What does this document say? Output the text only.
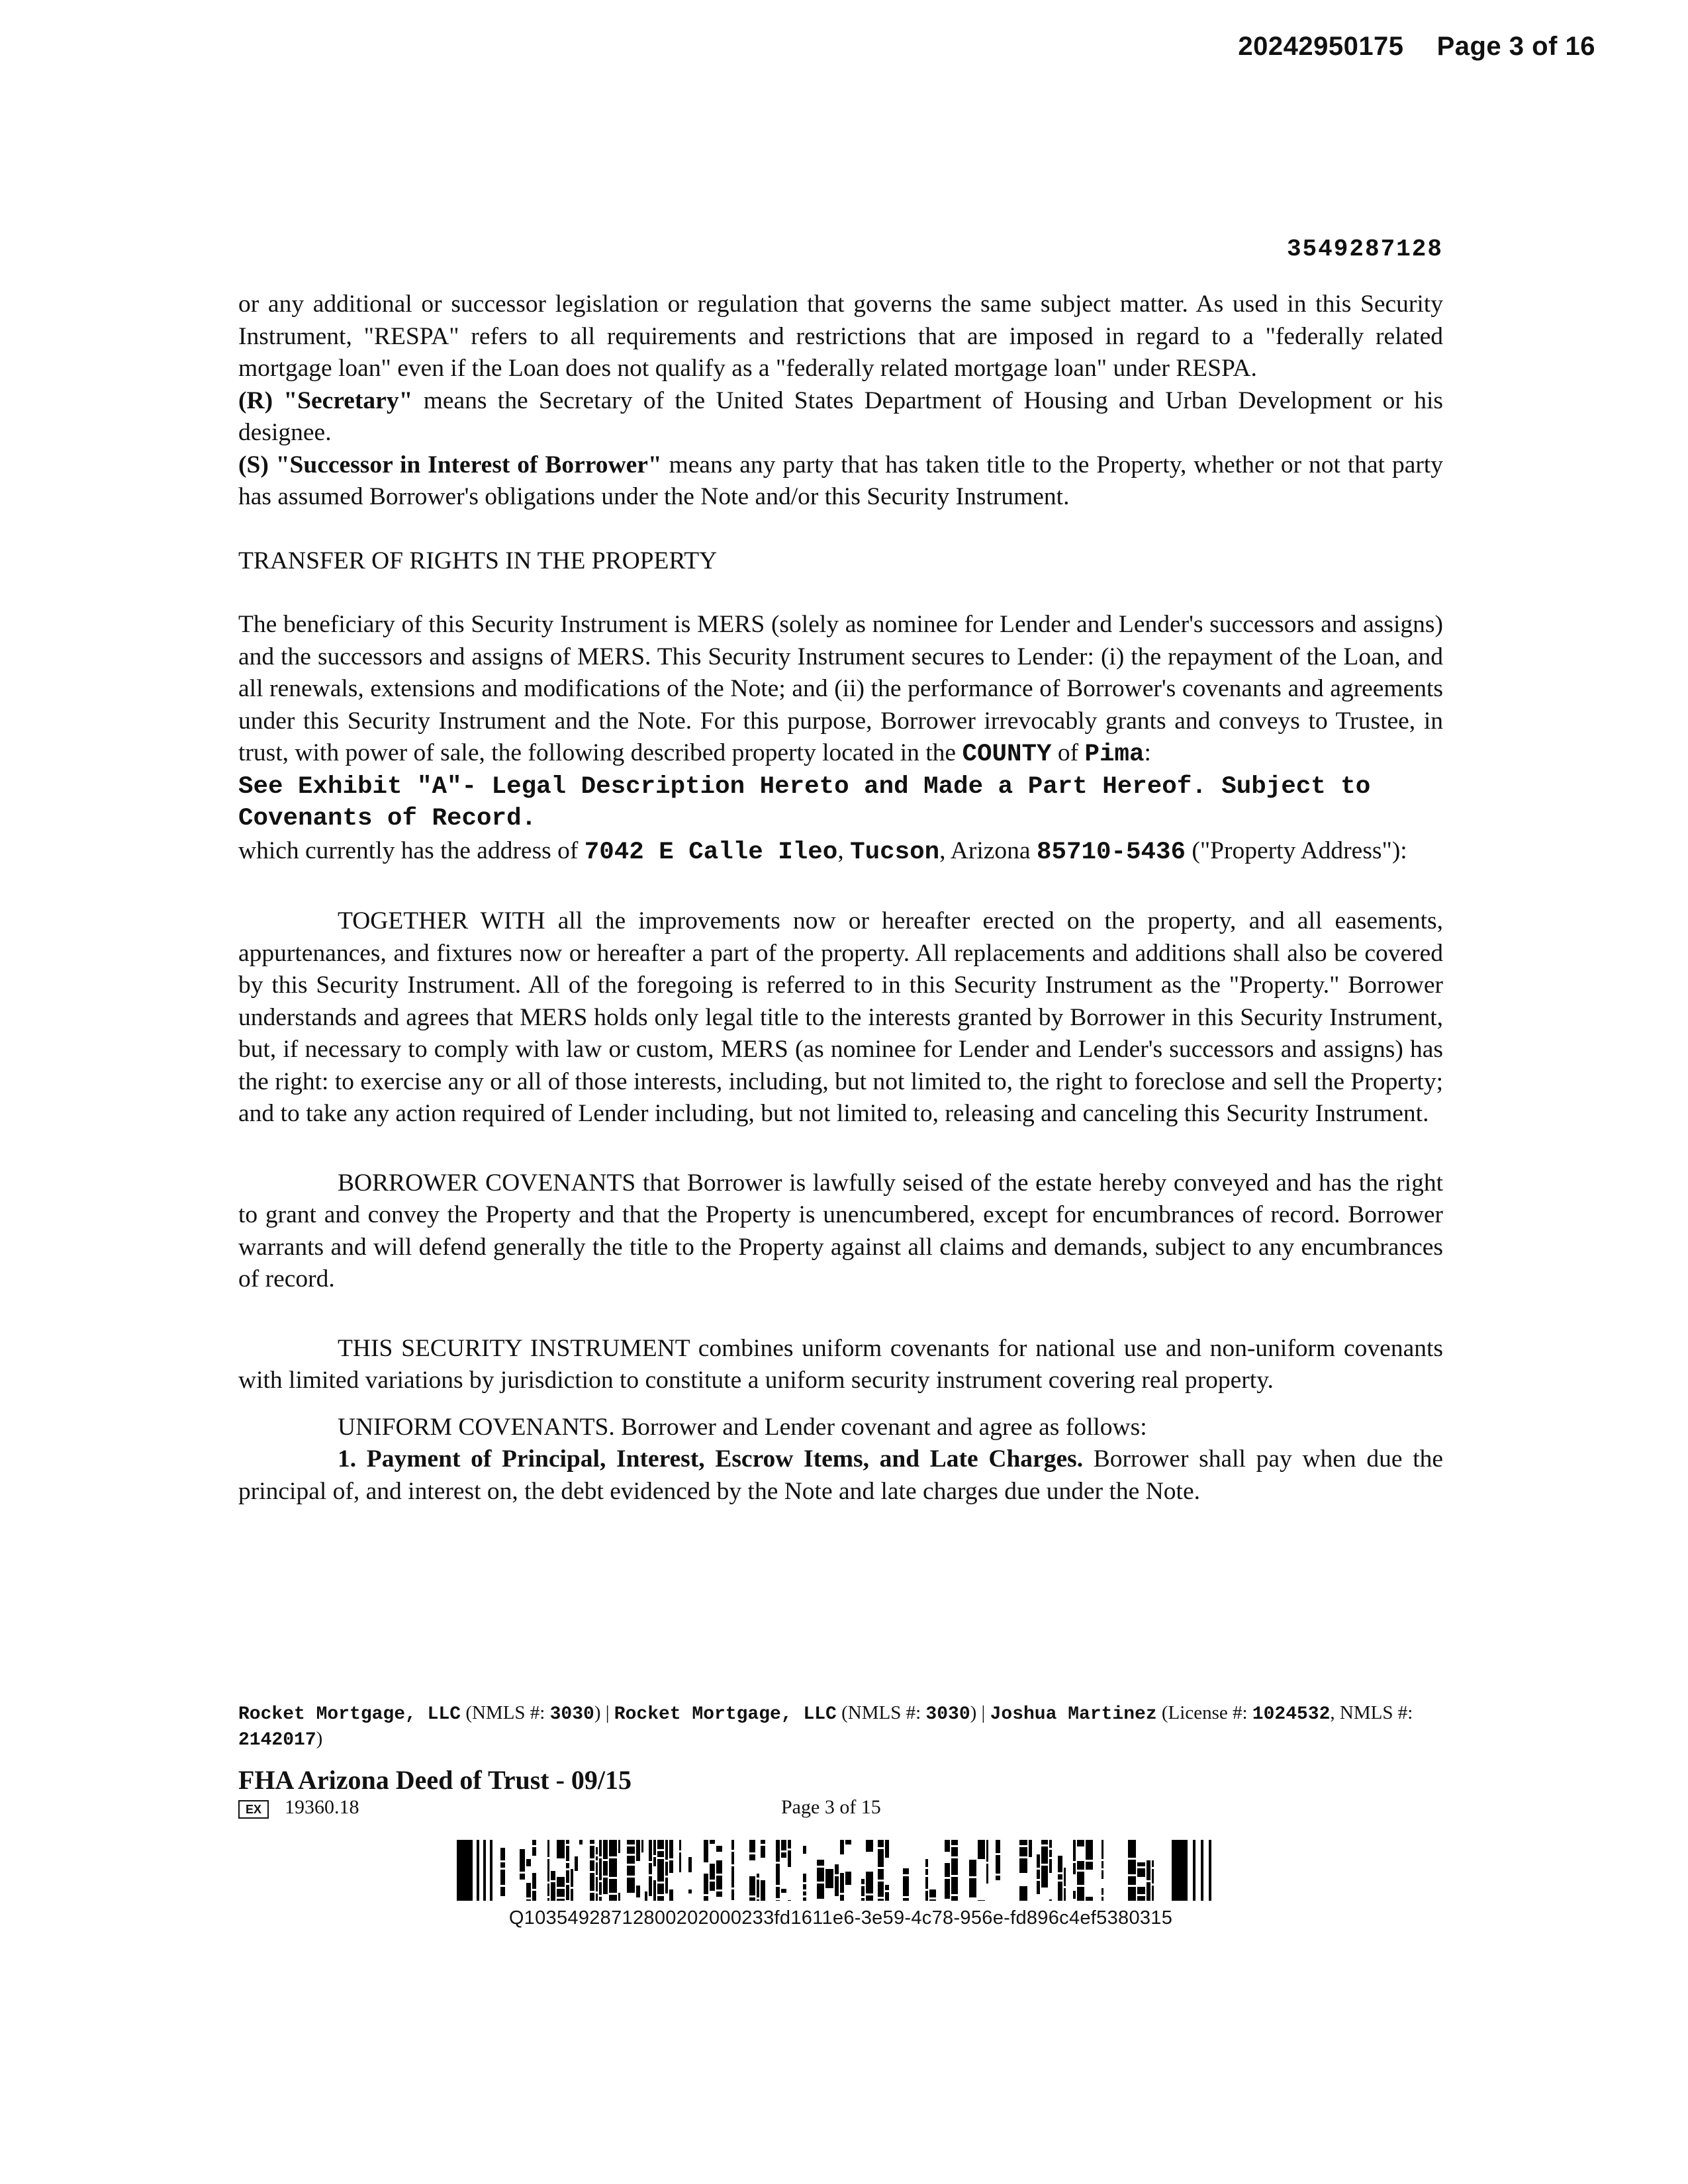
20242950175 Page 3 of 16
3549287128

or any additional or successor legislation or regulation that governs the same subject matter. As used in this Security Instrument, "RESPA" refers to all requirements and restrictions that are imposed in regard to a "federally related mortgage loan" even if the Loan does not qualify as a "federally related mortgage loan" under RESPA.

(R) "Secretary" means the Secretary of the United States Department of Housing and Urban Development or his designee.

(S) "Successor in Interest of Borrower" means any party that has taken title to the Property, whether or not that party has assumed Borrower's obligations under the Note and/or this Security Instrument.

TRANSFER OF RIGHTS IN THE PROPERTY

The beneficiary of this Security Instrument is MERS (solely as nominee for Lender and Lender's successors and assigns) and the successors and assigns of MERS. This Security Instrument secures to Lender: (i) the repayment of the Loan, and all renewals, extensions and modifications of the Note; and (ii) the performance of Borrower's covenants and agreements under this Security Instrument and the Note. For this purpose, Borrower irrevocably grants and conveys to Trustee, in trust, with power of sale, the following described property located in the COUNTY of Pima:

See Exhibit "A"- Legal Description Hereto and Made a Part Hereof. Subject to Covenants of Record.

which currently has the address of 7042 E Calle Ileo, Tucson, Arizona 85710-5436 ("Property Address"):

TOGETHER WITH all the improvements now or hereafter erected on the property, and all easements, appurtenances, and fixtures now or hereafter a part of the property. All replacements and additions shall also be covered by this Security Instrument. All of the foregoing is referred to in this Security Instrument as the "Property." Borrower understands and agrees that MERS holds only legal title to the interests granted by Borrower in this Security Instrument, but, if necessary to comply with law or custom, MERS (as nominee for Lender and Lender's successors and assigns) has the right: to exercise any or all of those interests, including, but not limited to, the right to foreclose and sell the Property; and to take any action required of Lender including, but not limited to, releasing and canceling this Security Instrument.

BORROWER COVENANTS that Borrower is lawfully seised of the estate hereby conveyed and has the right to grant and convey the Property and that the Property is unencumbered, except for encumbrances of record. Borrower warrants and will defend generally the title to the Property against all claims and demands, subject to any encumbrances of record.

THIS SECURITY INSTRUMENT combines uniform covenants for national use and non-uniform covenants with limited variations by jurisdiction to constitute a uniform security instrument covering real property.

UNIFORM COVENANTS. Borrower and Lender covenant and agree as follows:

1. Payment of Principal, Interest, Escrow Items, and Late Charges. Borrower shall pay when due the principal of, and interest on, the debt evidenced by the Note and late charges due under the Note.

Rocket Mortgage, LLC (NMLS #: 3030) | Rocket Mortgage, LLC (NMLS #: 3030) | Joshua Martinez (License #: 1024532, NMLS #: 2142017)
FHA Arizona Deed of Trust - 09/15
EX	19360.18	Page 3 of 15
Q10354928712800202000233fd1611e6-3e59-4c78-956e-fd896c4ef5380315
